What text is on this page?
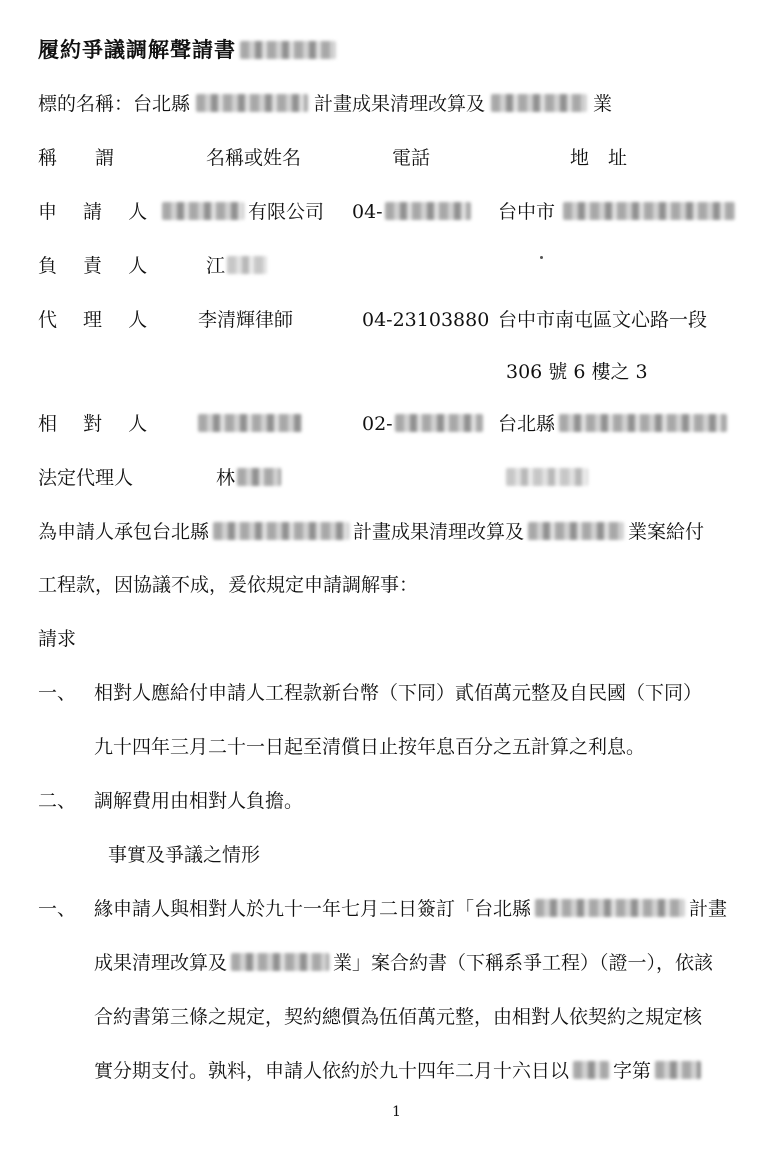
履約爭議調解聲請書
標的名稱：台北縣	計畫成果清理改算及	業
稱　　謂	名稱或姓名	電話	地　址
申 請 人	有限公司 04-	台中市
負 責 人	江
代 理 人 李清輝律師	04-23103880 台中市南屯區文心路一段
306 號 6 樓之 3
相 對 人	02-	台北縣
法定代理人	林
為申請人承包台北縣	計畫成果清理改算及	業案給付
工程款，因協議不成，爰依規定申請調解事：
請求
一、 相對人應給付申請人工程款新台幣（下同）貳佰萬元整及自民國（下同）
九十四年三月二十一日起至清償日止按年息百分之五計算之利息。
二、 調解費用由相對人負擔。
事實及爭議之情形
一、 緣申請人與相對人於九十一年七月二日簽訂「台北縣	計畫
成果清理改算及	業」案合約書（下稱系爭工程）（證一），依該
合約書第三條之規定，契約總價為伍佰萬元整，由相對人依契約之規定核
實分期支付。孰料，申請人依約於九十四年二月十六日以 字第
1
